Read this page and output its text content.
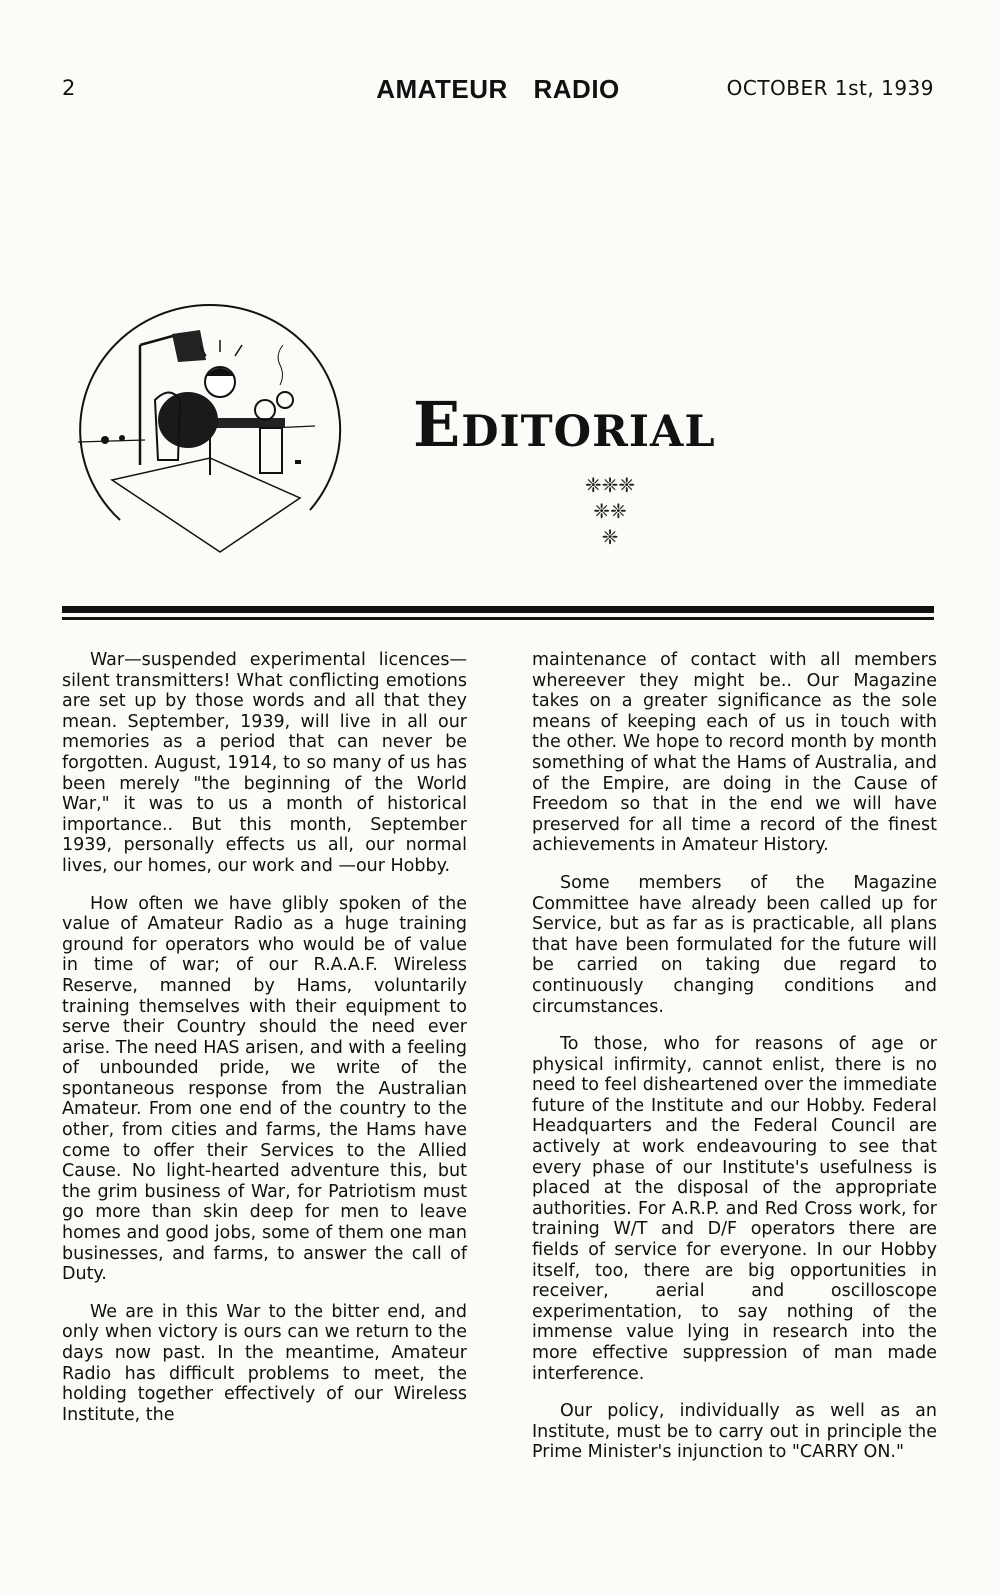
2	AMATEUR RADIO	OCTOBER 1st, 1939
Editorial
❈❈❈
❈❈
❈

War—suspended experimental licences—silent transmitters! What conflicting emotions are set up by those words and all that they mean. September, 1939, will live in all our memories as a period that can never be forgotten. August, 1914, to so many of us has been merely "the beginning of the World War," it was to us a month of historical importance.. But this month, September 1939, personally effects us all, our normal lives, our homes, our work and —our Hobby.

How often we have glibly spoken of the value of Amateur Radio as a huge training ground for operators who would be of value in time of war; of our R.A.A.F. Wireless Reserve, manned by Hams, voluntarily training themselves with their equipment to serve their Country should the need ever arise. The need HAS arisen, and with a feeling of unbounded pride, we write of the spontaneous response from the Australian Amateur. From one end of the country to the other, from cities and farms, the Hams have come to offer their Services to the Allied Cause. No light-hearted adventure this, but the grim business of War, for Patriotism must go more than skin deep for men to leave homes and good jobs, some of them one man businesses, and farms, to answer the call of Duty.

We are in this War to the bitter end, and only when victory is ours can we return to the days now past. In the meantime, Amateur Radio has difficult problems to meet, the holding together effectively of our Wireless Institute, the

maintenance of contact with all members whereever they might be.. Our Magazine takes on a greater significance as the sole means of keeping each of us in touch with the other. We hope to record month by month something of what the Hams of Australia, and of the Empire, are doing in the Cause of Freedom so that in the end we will have preserved for all time a record of the finest achievements in Amateur History.

Some members of the Magazine Committee have already been called up for Service, but as far as is practicable, all plans that have been formulated for the future will be carried on taking due regard to continuously changing conditions and circumstances.

To those, who for reasons of age or physical infirmity, cannot enlist, there is no need to feel disheartened over the immediate future of the Institute and our Hobby. Federal Headquarters and the Federal Council are actively at work endeavouring to see that every phase of our Institute's usefulness is placed at the disposal of the appropriate authorities. For A.R.P. and Red Cross work, for training W/T and D/F operators there are fields of service for everyone. In our Hobby itself, too, there are big opportunities in receiver, aerial and oscilloscope experimentation, to say nothing of the immense value lying in research into the more effective suppression of man made interference.

Our policy, individually as well as an Institute, must be to carry out in principle the Prime Minister's injunction to "CARRY ON."
